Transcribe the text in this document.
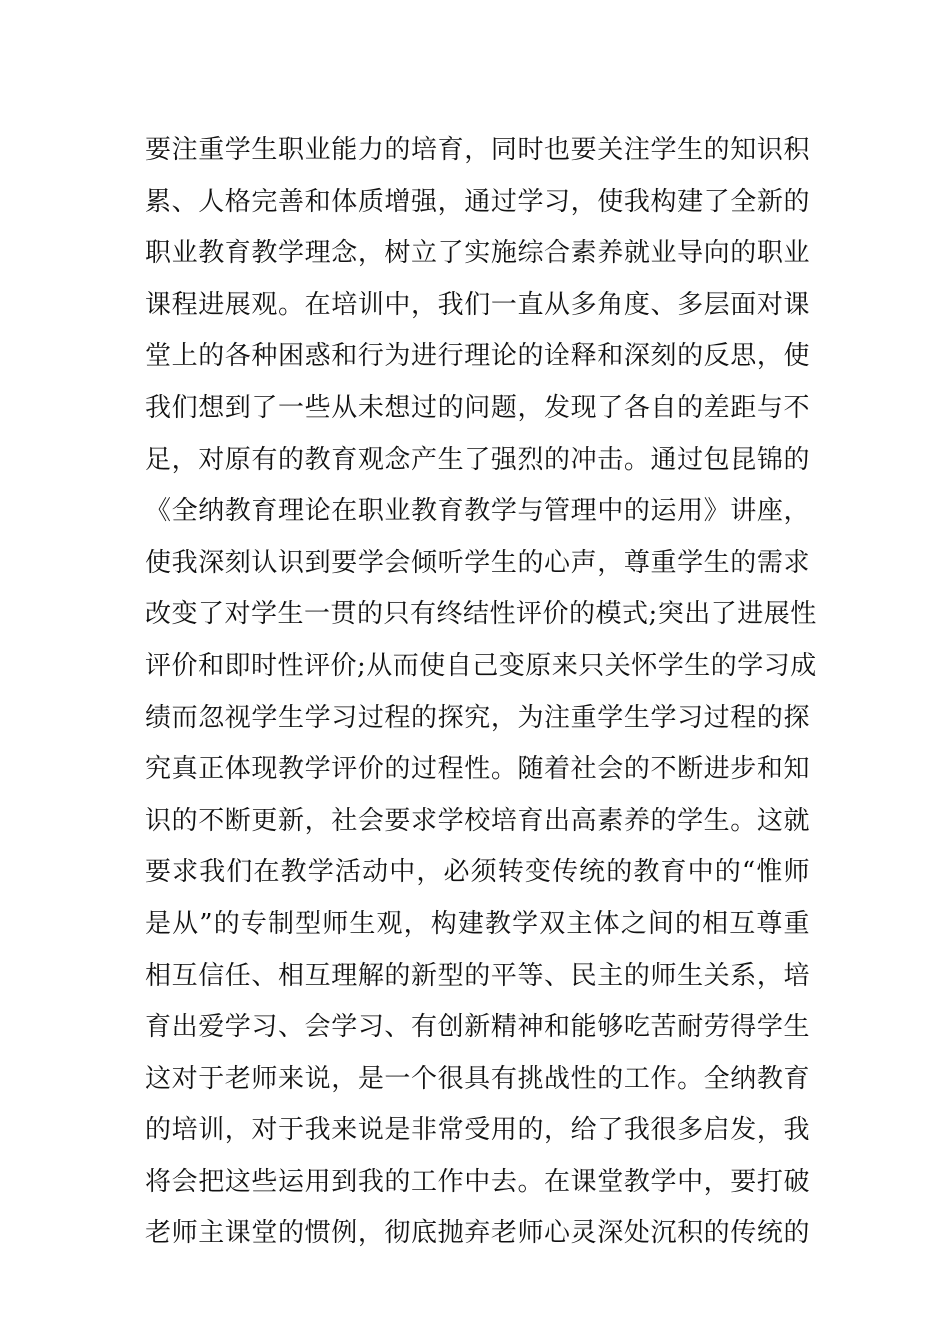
要注重学生职业能力的培育，同时也要关注学生的知识积
累、人格完善和体质增强，通过学习，使我构建了全新的
职业教育教学理念，树立了实施综合素养就业导向的职业
课程进展观。在培训中，我们一直从多角度、多层面对课
堂上的各种困惑和行为进行理论的诠释和深刻的反思，使
我们想到了一些从未想过的问题，发现了各自的差距与不
足，对原有的教育观念产生了强烈的冲击。通过包昆锦的
《全纳教育理论在职业教育教学与管理中的运用》讲座，
使我深刻认识到要学会倾听学生的心声，尊重学生的需求
改变了对学生一贯的只有终结性评价的模式;突出了进展性
评价和即时性评价;从而使自己变原来只关怀学生的学习成
绩而忽视学生学习过程的探究，为注重学生学习过程的探
究真正体现教学评价的过程性。随着社会的不断进步和知
识的不断更新，社会要求学校培育出高素养的学生。这就
要求我们在教学活动中，必须转变传统的教育中的“惟师
是从”的专制型师生观，构建教学双主体之间的相互尊重
相互信任、相互理解的新型的平等、民主的师生关系，培
育出爱学习、会学习、有创新精神和能够吃苦耐劳得学生
这对于老师来说，是一个很具有挑战性的工作。全纳教育
的培训，对于我来说是非常受用的，给了我很多启发，我
将会把这些运用到我的工作中去。在课堂教学中，要打破
老师主课堂的惯例，彻底抛弃老师心灵深处沉积的传统的
